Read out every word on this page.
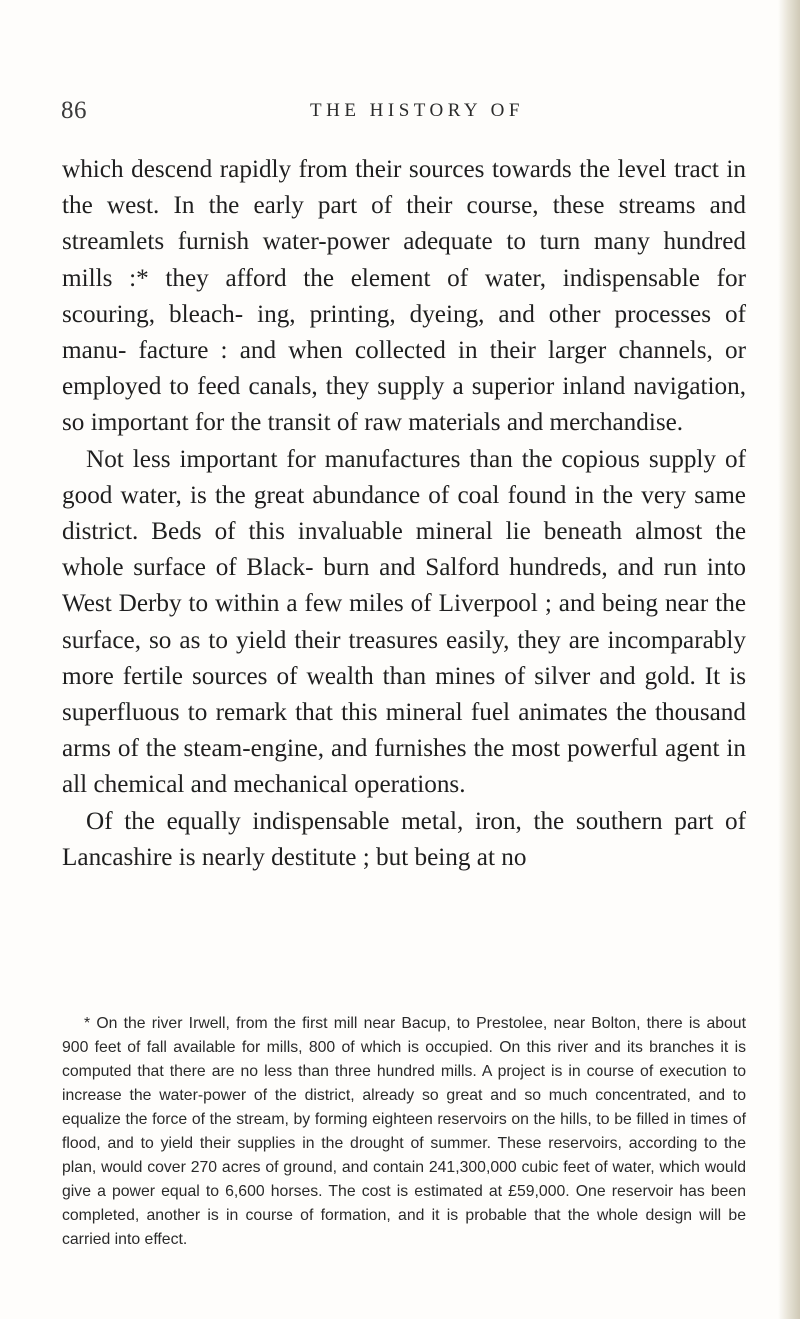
86	THE HISTORY OF

which descend rapidly from their sources towards the level tract in the west. In the early part of their course, these streams and streamlets furnish water-power adequate to turn many hundred mills :* they afford the element of water, indispensable for scouring, bleach- ing, printing, dyeing, and other processes of manu- facture : and when collected in their larger channels, or employed to feed canals, they supply a superior inland navigation, so important for the transit of raw materials and merchandise.

Not less important for manufactures than the copious supply of good water, is the great abundance of coal found in the very same district. Beds of this invaluable mineral lie beneath almost the whole surface of Black- burn and Salford hundreds, and run into West Derby to within a few miles of Liverpool ; and being near the surface, so as to yield their treasures easily, they are incomparably more fertile sources of wealth than mines of silver and gold. It is superfluous to remark that this mineral fuel animates the thousand arms of the steam-engine, and furnishes the most powerful agent in all chemical and mechanical operations.

Of the equally indispensable metal, iron, the southern part of Lancashire is nearly destitute ; but being at no

* On the river Irwell, from the first mill near Bacup, to Prestolee, near Bolton, there is about 900 feet of fall available for mills, 800 of which is occupied. On this river and its branches it is computed that there are no less than three hundred mills. A project is in course of execution to increase the water-power of the district, already so great and so much concentrated, and to equalize the force of the stream, by forming eighteen reservoirs on the hills, to be filled in times of flood, and to yield their supplies in the drought of summer. These reservoirs, according to the plan, would cover 270 acres of ground, and contain 241,300,000 cubic feet of water, which would give a power equal to 6,600 horses. The cost is estimated at £59,000. One reservoir has been completed, another is in course of formation, and it is probable that the whole design will be carried into effect.
